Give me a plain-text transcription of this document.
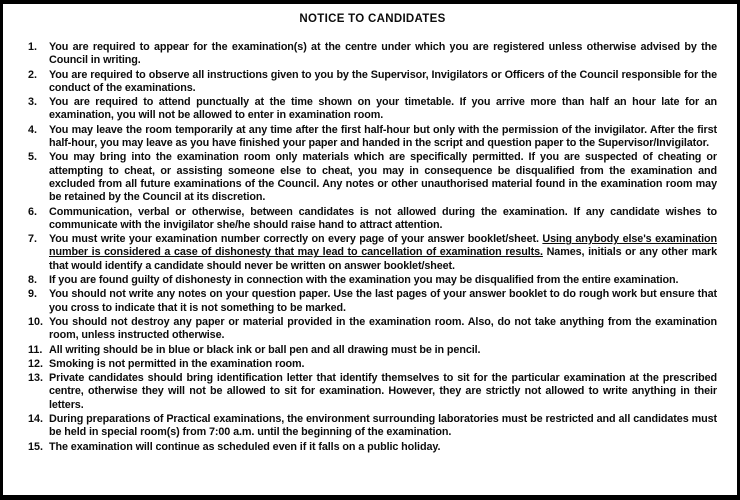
NOTICE TO CANDIDATES
1.	You are required to appear for the examination(s) at the centre under which you are registered unless otherwise advised by the Council in writing.
2.	You are required to observe all instructions given to you by the Supervisor, Invigilators or Officers of the Council responsible for the conduct of the examinations.
3.	You are required to attend punctually at the time shown on your timetable. If you arrive more than half an hour late for an examination, you will not be allowed to enter in examination room.
4.	You may leave the room temporarily at any time after the first half-hour but only with the permission of the invigilator. After the first half-hour, you may leave as you have finished your paper and handed in the script and question paper to the Supervisor/Invigilator.
5.	You may bring into the examination room only materials which are specifically permitted. If you are suspected of cheating or attempting to cheat, or assisting someone else to cheat, you may in consequence be disqualified from the examination and excluded from all future examinations of the Council. Any notes or other unauthorised material found in the examination room may be retained by the Council at its discretion.
6.	Communication, verbal or otherwise, between candidates is not allowed during the examination. If any candidate wishes to communicate with the invigilator she/he should raise hand to attract attention.
7.	You must write your examination number correctly on every page of your answer booklet/sheet. Using anybody else's examination number is considered a case of dishonesty that may lead to cancellation of examination results. Names, initials or any other mark that would identify a candidate should never be written on answer booklet/sheet.
8.	If you are found guilty of dishonesty in connection with the examination you may be disqualified from the entire examination.
9.	You should not write any notes on your question paper. Use the last pages of your answer booklet to do rough work but ensure that you cross to indicate that it is not something to be marked.
10. You should not destroy any paper or material provided in the examination room. Also, do not take anything from the examination room, unless instructed otherwise.
11. All writing should be in blue or black ink or ball pen and all drawing must be in pencil.
12. Smoking is not permitted in the examination room.
13. Private candidates should bring identification letter that identify themselves to sit for the particular examination at the prescribed centre, otherwise they will not be allowed to sit for examination. However, they are strictly not allowed to write anything in their letters.
14. During preparations of Practical examinations, the environment surrounding laboratories must be restricted and all candidates must be held in special room(s) from 7:00 a.m. until the beginning of the examination.
15. The examination will continue as scheduled even if it falls on a public holiday.
